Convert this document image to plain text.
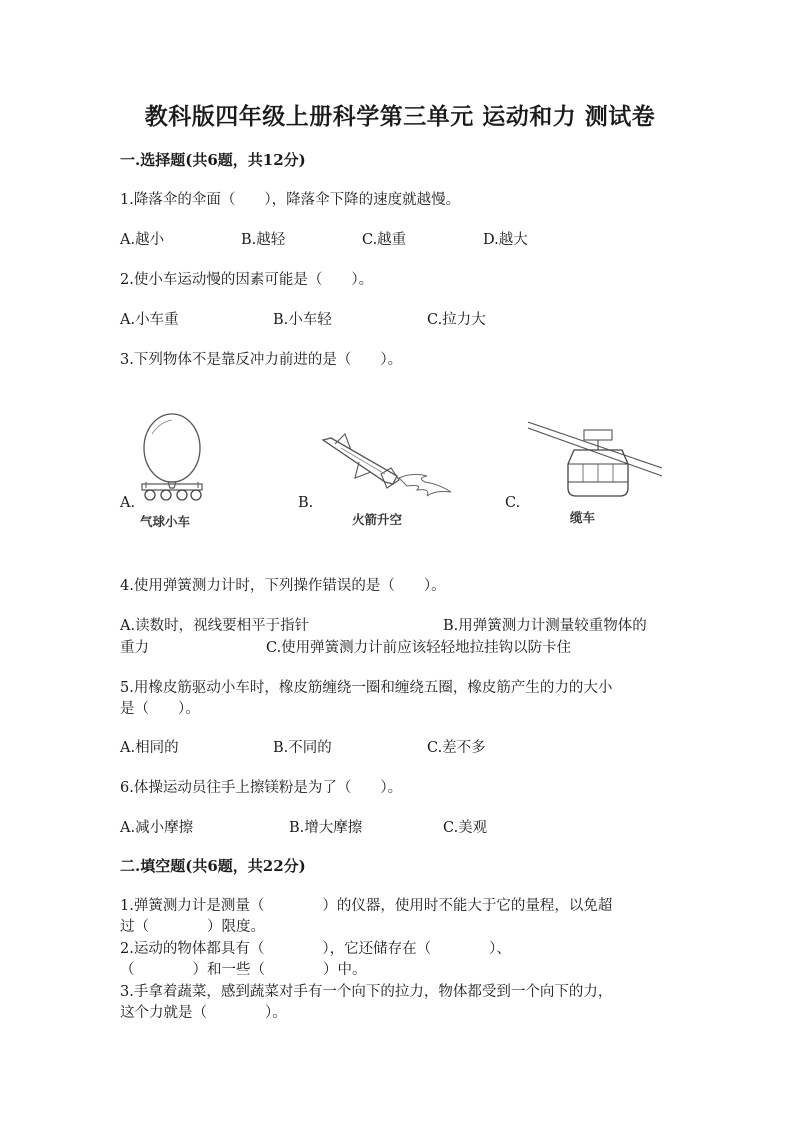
教科版四年级上册科学第三单元 运动和力 测试卷
一.选择题(共6题，共12分)
1.降落伞的伞面（　　），降落伞下降的速度就越慢。
A.越小	B.越轻	C.越重	D.越大
2.使小车运动慢的因素可能是（　　）。
A.小车重	B.小车轻	C.拉力大
3.下列物体不是靠反冲力前进的是（　　）。
A.
气球小车
B.
火箭升空
C.
缆车
4.使用弹簧测力计时，下列操作错误的是（　　）。
A.读数时，视线要相平于指针	B.用弹簧测力计测量较重物体的
重力	C.使用弹簧测力计前应该轻轻地拉挂钩以防卡住
5.用橡皮筋驱动小车时，橡皮筋缠绕一圈和缠绕五圈，橡皮筋产生的力的大小
是（　　）。
A.相同的	B.不同的	C.差不多
6.体操运动员往手上擦镁粉是为了（　　）。
A.减小摩擦	B.增大摩擦	C.美观
二.填空题(共6题，共22分)
1.弹簧测力计是测量（　　　　）的仪器，使用时不能大于它的量程，以免超
过（　　　　）限度。
2.运动的物体都具有（　　　　），它还储存在（　　　　）、
（　　　　）和一些（　　　　）中。
3.手拿着蔬菜，感到蔬菜对手有一个向下的拉力，物体都受到一个向下的力，
这个力就是（　　　　）。
